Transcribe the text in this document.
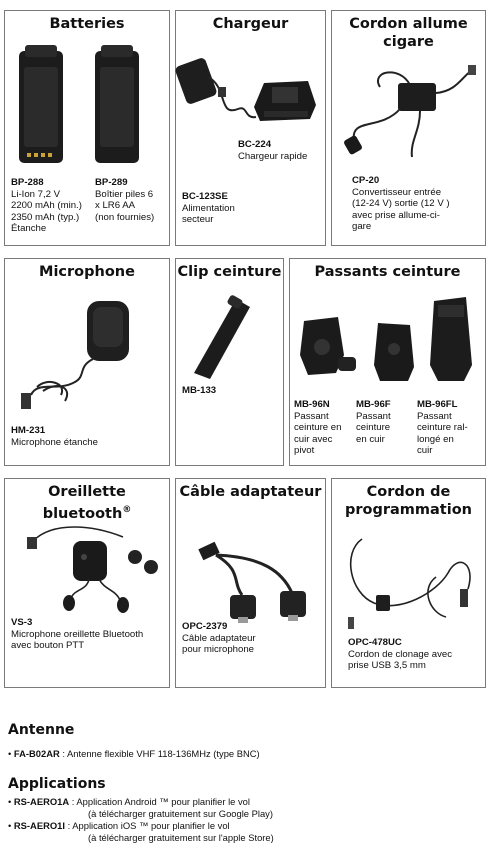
Batteries
BP-288
Li-Ion 7,2 V
2200 mAh (min.)
2350 mAh (typ.)
Étanche
BP-289
Boîtier piles 6
x LR6 AA
(non fournies)
Chargeur
BC-224
Chargeur rapide
BC-123SE
Alimentation
secteur
Cordon allume
cigare
CP-20
Convertisseur entrée
(12-24 V) sortie (12 V )
avec prise allume-ci-
gare
Microphone
HM-231
Microphone étanche
Clip ceinture
MB-133
Passants ceinture
MB-96N
Passant
ceinture en
cuir avec
pivot
MB-96F
Passant
ceinture
en cuir
MB-96FL
Passant
ceinture ral-
longé en
cuir
Oreillette bluetooth®
VS-3
Microphone oreillette Bluetooth
avec bouton PTT
Câble adaptateur
OPC-2379
Câble adaptateur
pour microphone
Cordon de
programmation
OPC-478UC
Cordon de clonage avec
prise USB 3,5 mm
Antenne
• FA-B02AR : Antenne flexible VHF 118-136MHz (type BNC)
Applications
• RS-AERO1A : Application Android ™ pour planifier le vol
(à télécharger gratuitement sur Google Play)
• RS-AERO1I : Application iOS ™ pour planifier le vol
(à télécharger gratuitement sur l'apple Store)
